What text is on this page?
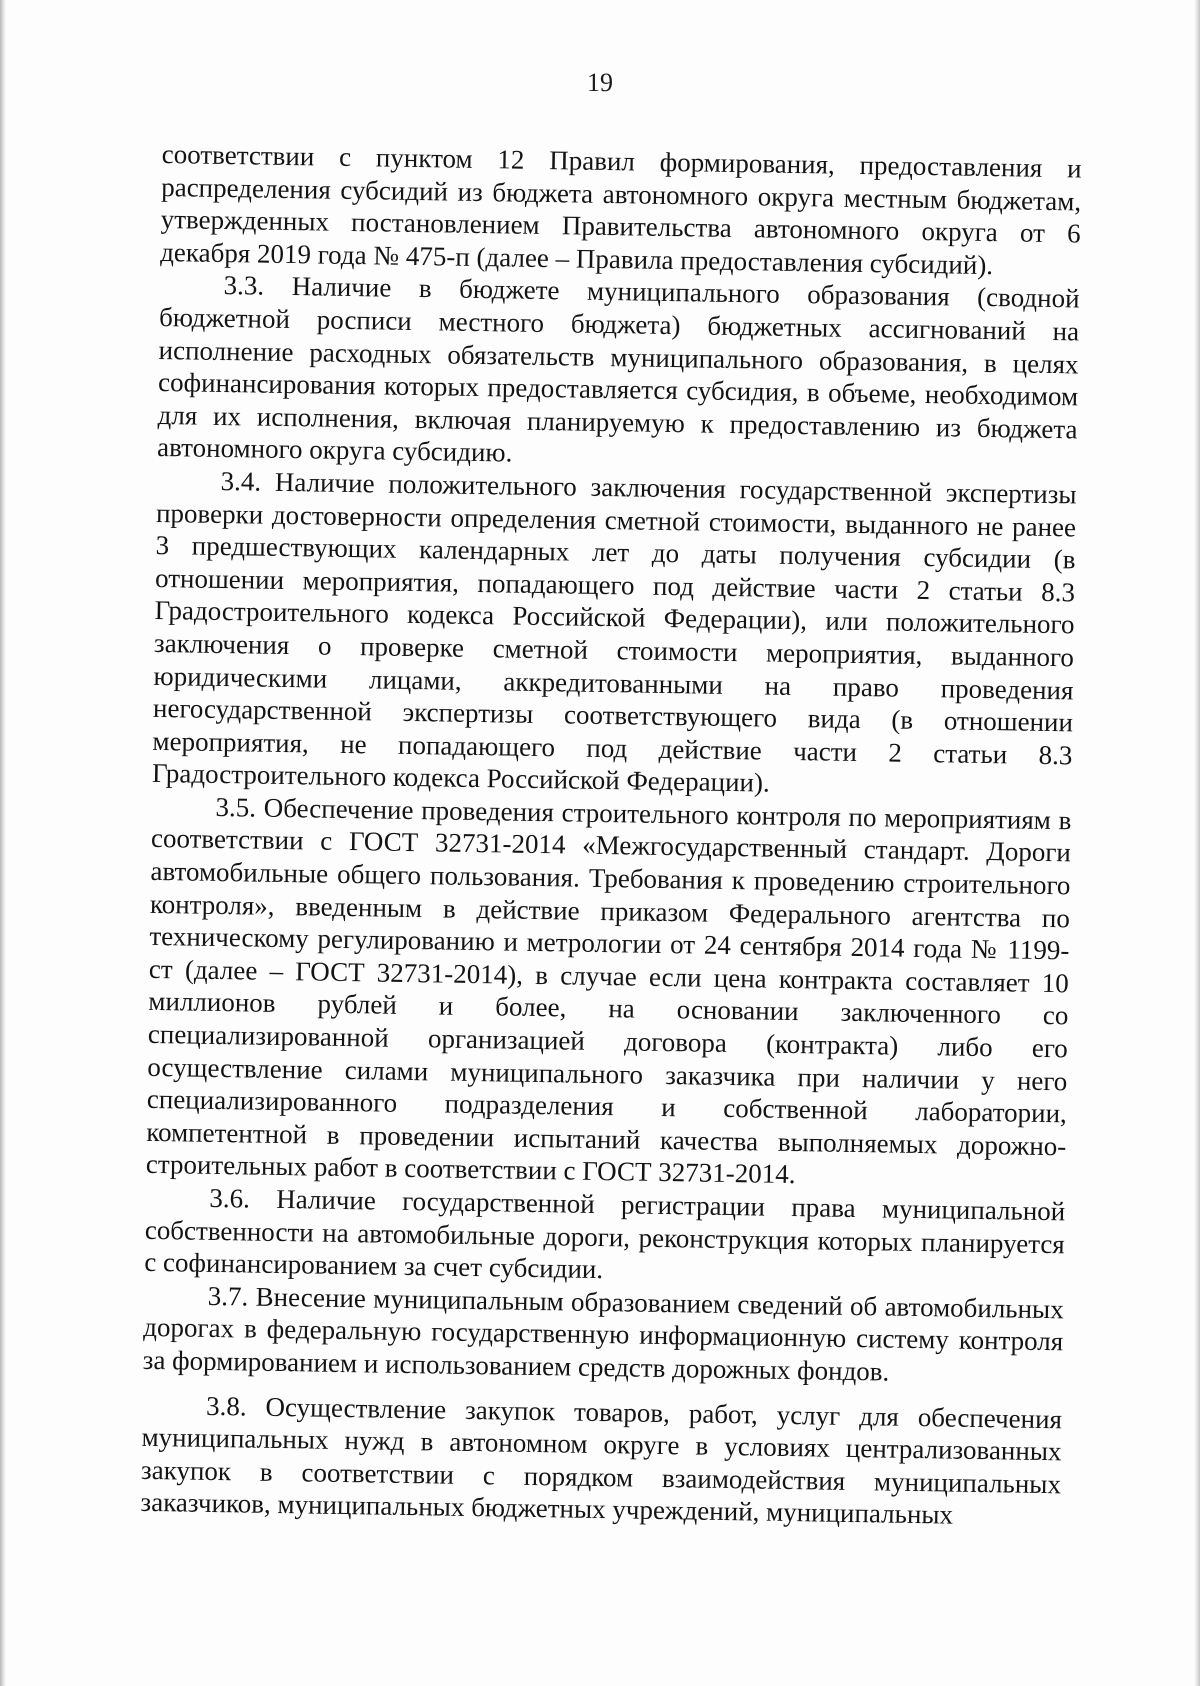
19

соответствии с пунктом 12 Правил формирования, предоставления и распределения субсидий из бюджета автономного округа местным бюджетам, утвержденных постановлением Правительства автономного округа от 6 декабря 2019 года № 475-п (далее – Правила предоставления субсидий).

3.3. Наличие в бюджете муниципального образования (сводной бюджетной росписи местного бюджета) бюджетных ассигнований на исполнение расходных обязательств муниципального образования, в целях софинансирования которых предоставляется субсидия, в объеме, необходимом для их исполнения, включая планируемую к предоставлению из бюджета автономного округа субсидию.

3.4. Наличие положительного заключения государственной экспертизы проверки достоверности определения сметной стоимости, выданного не ранее 3 предшествующих календарных лет до даты получения субсидии (в отношении мероприятия, попадающего под действие части 2 статьи 8.3 Градостроительного кодекса Российской Федерации), или положительного заключения о проверке сметной стоимости мероприятия, выданного юридическими лицами, аккредитованными на право проведения негосударственной экспертизы соответствующего вида (в отношении мероприятия, не попадающего под действие части 2 статьи 8.3 Градостроительного кодекса Российской Федерации).

3.5. Обеспечение проведения строительного контроля по мероприятиям в соответствии с ГОСТ 32731-2014 «Межгосударственный стандарт. Дороги автомобильные общего пользования. Требования к проведению строительного контроля», введенным в действие приказом Федерального агентства по техническому регулированию и метрологии от 24 сентября 2014 года № 1199-ст (далее – ГОСТ 32731-2014), в случае если цена контракта составляет 10 миллионов рублей и более, на основании заключенного со специализированной организацией договора (контракта) либо его осуществление силами муниципального заказчика при наличии у него специализированного подразделения и собственной лаборатории, компетентной в проведении испытаний качества выполняемых дорожно-строительных работ в соответствии с ГОСТ 32731-2014.

3.6. Наличие государственной регистрации права муниципальной собственности на автомобильные дороги, реконструкция которых планируется с софинансированием за счет субсидии.

3.7. Внесение муниципальным образованием сведений об автомобильных дорогах в федеральную государственную информационную систему контроля за формированием и использованием средств дорожных фондов.

3.8. Осуществление закупок товаров, работ, услуг для обеспечения муниципальных нужд в автономном округе в условиях централизованных закупок в соответствии с порядком взаимодействия муниципальных заказчиков, муниципальных бюджетных учреждений, муниципальных
